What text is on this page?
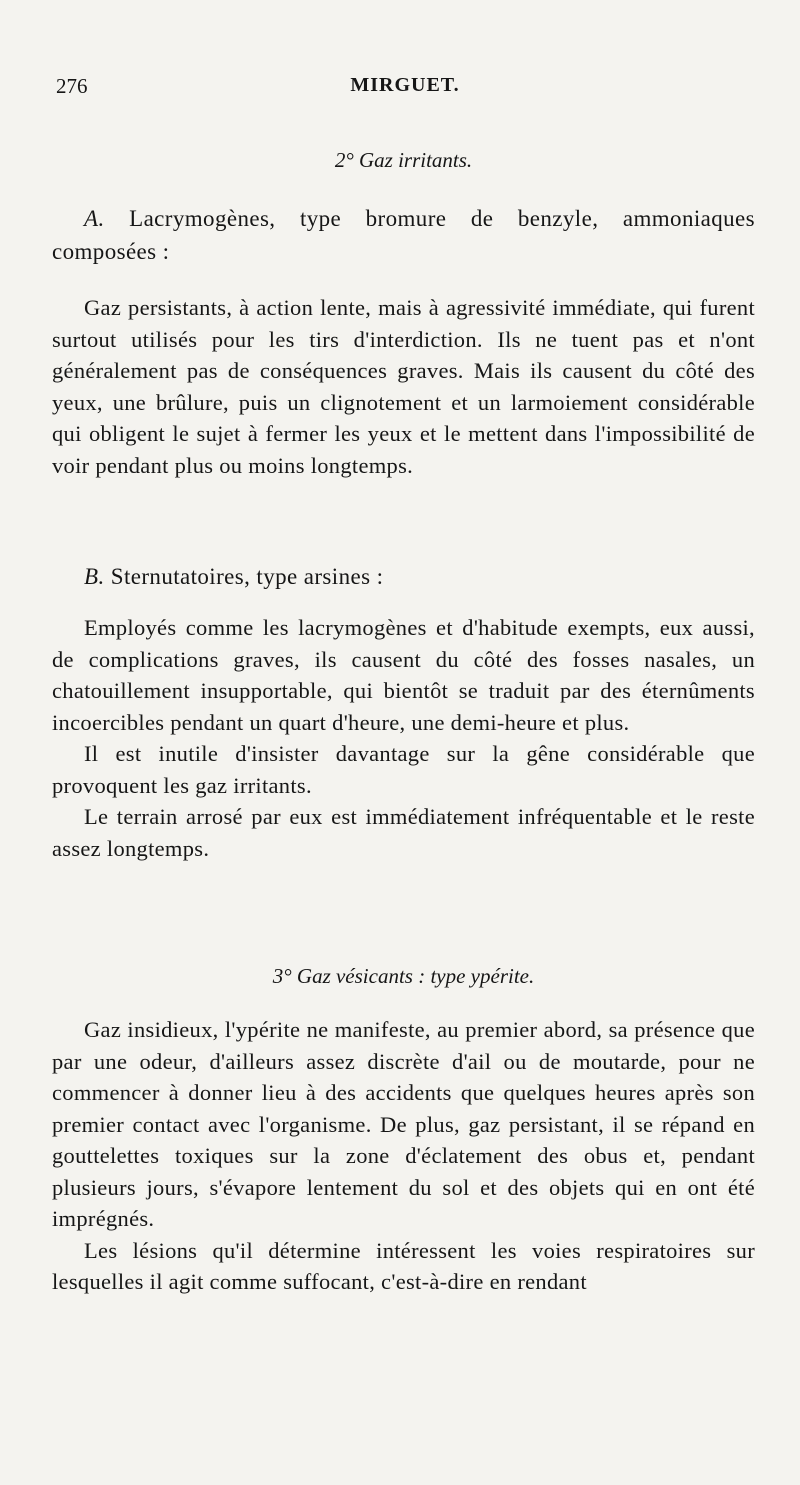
276	MIRGUET.
2° Gaz irritants.
A. Lacrymogènes, type bromure de benzyle, ammoniaques composées :

Gaz persistants, à action lente, mais à agressivité immédiate, qui furent surtout utilisés pour les tirs d'interdiction. Ils ne tuent pas et n'ont généralement pas de conséquences graves. Mais ils causent du côté des yeux, une brûlure, puis un clignotement et un larmoiement considérable qui obligent le sujet à fermer les yeux et le mettent dans l'impossibilité de voir pendant plus ou moins longtemps.

B. Sternutatoires, type arsines :

Employés comme les lacrymogènes et d'habitude exempts, eux aussi, de complications graves, ils causent du côté des fosses nasales, un chatouillement insupportable, qui bientôt se traduit par des éternûments incoercibles pendant un quart d'heure, une demi-heure et plus.

Il est inutile d'insister davantage sur la gêne considérable que provoquent les gaz irritants.

Le terrain arrosé par eux est immédiatement infréquentable et le reste assez longtemps.

3° Gaz vésicants : type ypérite.

Gaz insidieux, l'ypérite ne manifeste, au premier abord, sa présence que par une odeur, d'ailleurs assez discrète d'ail ou de moutarde, pour ne commencer à donner lieu à des accidents que quelques heures après son premier contact avec l'organisme. De plus, gaz persistant, il se répand en gouttelettes toxiques sur la zone d'éclatement des obus et, pendant plusieurs jours, s'évapore lentement du sol et des objets qui en ont été imprégnés.

Les lésions qu'il détermine intéressent les voies respiratoires sur lesquelles il agit comme suffocant, c'est-à-dire en rendant
